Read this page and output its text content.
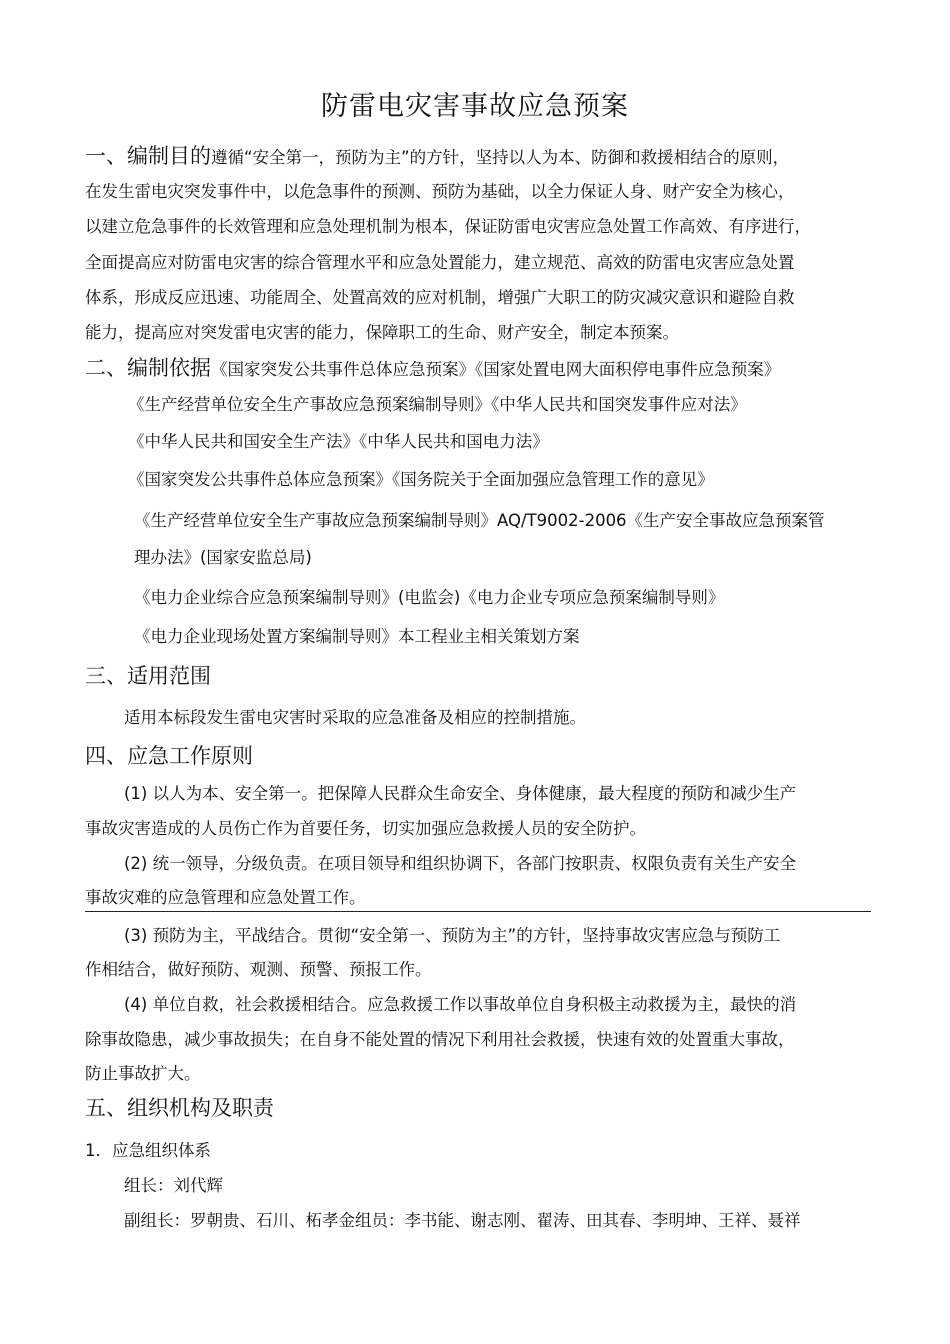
防雷电灾害事故应急预案
一、编制目的遵循“安全第一，预防为主”的方针，坚持以人为本、防御和救援相结合的原则，
在发生雷电灾突发事件中，以危急事件的预测、预防为基础，以全力保证人身、财产安全为核心，
以建立危急事件的长效管理和应急处理机制为根本，保证防雷电灾害应急处置工作高效、有序进行，
全面提高应对防雷电灾害的综合管理水平和应急处置能力，建立规范、高效的防雷电灾害应急处置
体系，形成反应迅速、功能周全、处置高效的应对机制，增强广大职工的防灾减灾意识和避险自救
能力，提高应对突发雷电灾害的能力，保障职工的生命、财产安全，制定本预案。
二、编制依据《国家突发公共事件总体应急预案》《国家处置电网大面积停电事件应急预案》
《生产经营单位安全生产事故应急预案编制导则》《中华人民共和国突发事件应对法》
《中华人民共和国安全生产法》《中华人民共和国电力法》
《国家突发公共事件总体应急预案》《国务院关于全面加强应急管理工作的意见》
《生产经营单位安全生产事故应急预案编制导则》AQ/T9002-2006《生产安全事故应急预案管
理办法》(国家安监总局)
《电力企业综合应急预案编制导则》(电监会)《电力企业专项应急预案编制导则》
《电力企业现场处置方案编制导则》本工程业主相关策划方案
三、适用范围
适用本标段发生雷电灾害时采取的应急准备及相应的控制措施。
四、应急工作原则
(1) 以人为本、安全第一。把保障人民群众生命安全、身体健康，最大程度的预防和减少生产
事故灾害造成的人员伤亡作为首要任务，切实加强应急救援人员的安全防护。
(2) 统一领导，分级负责。在项目领导和组织协调下，各部门按职责、权限负责有关生产安全
事故灾难的应急管理和应急处置工作。
(3) 预防为主，平战结合。贯彻“安全第一、预防为主”的方针，坚持事故灾害应急与预防工
作相结合，做好预防、观测、预警、预报工作。
(4) 单位自救，社会救援相结合。应急救援工作以事故单位自身积极主动救援为主，最快的消
除事故隐患，减少事故损失；在自身不能处置的情况下利用社会救援，快速有效的处置重大事故，
防止事故扩大。
五、组织机构及职责
1．应急组织体系
组长：刘代辉
副组长：罗朝贵、石川、柘孝金组员：李书能、谢志刚、翟涛、田其春、李明坤、王祥、聂祥
